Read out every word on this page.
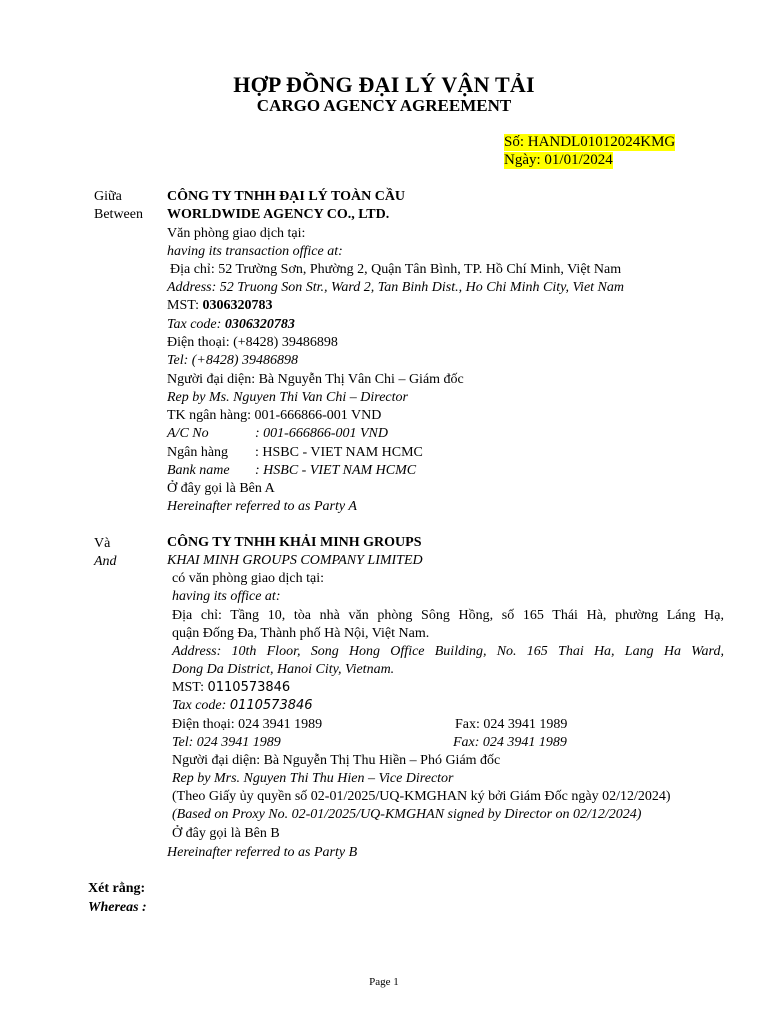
HỢP ĐỒNG ĐẠI LÝ VẬN TẢI
CARGO AGENCY AGREEMENT
Số: HANDL01012024KMG
Ngày: 01/01/2024
Giữa
Between
CÔNG TY TNHH ĐẠI LÝ TOÀN CẦU
WORLDWIDE AGENCY CO., LTD.
Văn phòng giao dịch tại:
having its transaction office at:
Địa chỉ: 52 Trường Sơn, Phường 2, Quận Tân Bình, TP. Hồ Chí Minh, Việt Nam
Address: 52 Truong Son Str., Ward 2, Tan Binh Dist., Ho Chi Minh City, Viet Nam
MST: 0306320783
Tax code: 0306320783
Điện thoại: (+8428) 39486898
Tel: (+8428) 39486898
Người đại diện: Bà Nguyễn Thị Vân Chi – Giám đốc
Rep by Ms. Nguyen Thi Van Chi – Director
TK ngân hàng: 001-666866-001 VND
A/C No	: 001-666866-001 VND
Ngân hàng : HSBC - VIET NAM HCMC
Bank name : HSBC - VIET NAM HCMC
Ở đây gọi là Bên A
Hereinafter referred to as Party A
Và
And
CÔNG TY TNHH KHẢI MINH GROUPS
KHAI MINH GROUPS COMPANY LIMITED
có văn phòng giao dịch tại:
having its office at:
Địa chỉ: Tầng 10, tòa nhà văn phòng Sông Hồng, số 165 Thái Hà, phường Láng Hạ,
quận Đống Đa, Thành phố Hà Nội, Việt Nam.
Address: 10th Floor, Song Hong Office Building, No. 165 Thai Ha, Lang Ha Ward,
Dong Da District, Hanoi City, Vietnam.
MST: 0110573846
Tax code: 0110573846
Điện thoại: 024 3941 1989	Fax: 024 3941 1989
Tel: 024 3941 1989	Fax: 024 3941 1989
Người đại diện: Bà Nguyễn Thị Thu Hiền – Phó Giám đốc
Rep by Mrs. Nguyen Thi Thu Hien – Vice Director
(Theo Giấy ủy quyền số 02-01/2025/UQ-KMGHAN ký bởi Giám Đốc ngày 02/12/2024)
(Based on Proxy No. 02-01/2025/UQ-KMGHAN signed by Director on 02/12/2024)
Ở đây gọi là Bên B
Hereinafter referred to as Party B
Xét rằng:
Whereas :
Page 1
